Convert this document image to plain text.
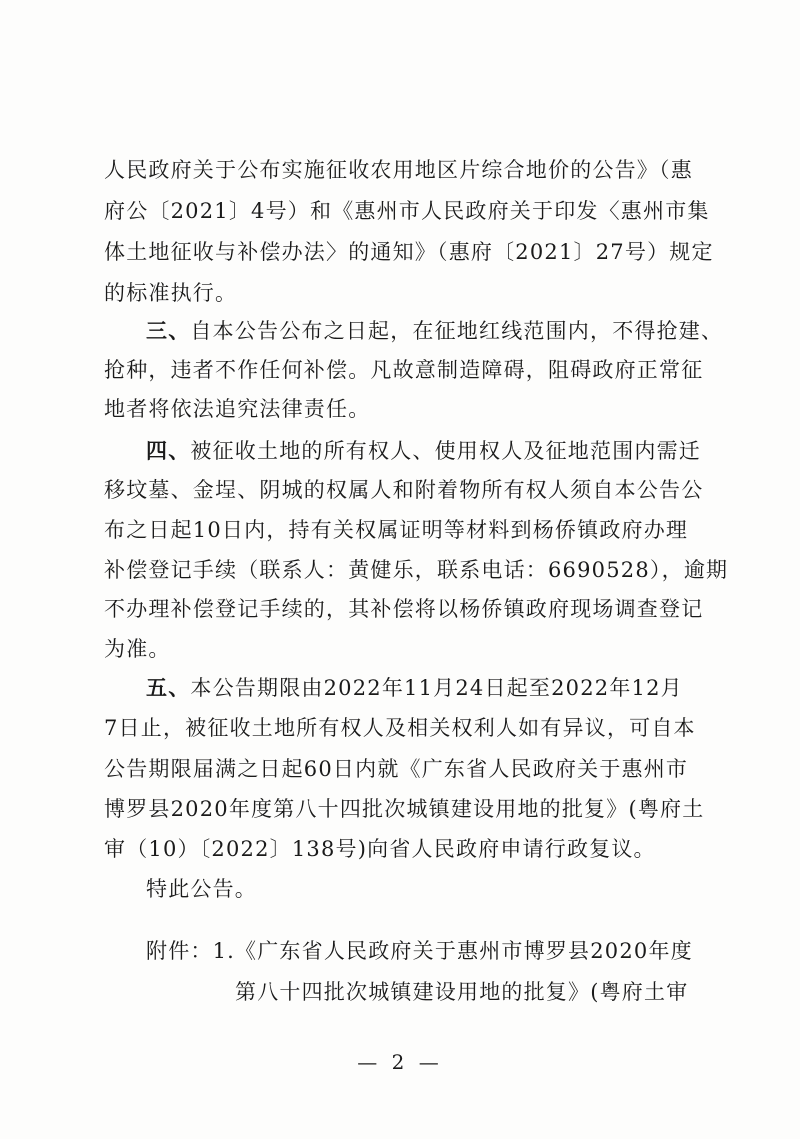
人民政府关于公布实施征收农用地区片综合地价的公告》（惠
府公〔2021〕4号）和《惠州市人民政府关于印发〈惠州市集
体土地征收与补偿办法〉的通知》（惠府〔2021〕27号）规定
的标准执行。
三、自本公告公布之日起，在征地红线范围内，不得抢建、
抢种，违者不作任何补偿。凡故意制造障碍，阻碍政府正常征
地者将依法追究法律责任。
四、被征收土地的所有权人、使用权人及征地范围内需迁
移坟墓、金埕、阴城的权属人和附着物所有权人须自本公告公
布之日起10日内，持有关权属证明等材料到杨侨镇政府办理
补偿登记手续（联系人：黄健乐，联系电话：6690528），逾期
不办理补偿登记手续的，其补偿将以杨侨镇政府现场调查登记
为准。
五、本公告期限由2022年11月24日起至2022年12月
7日止，被征收土地所有权人及相关权利人如有异议，可自本
公告期限届满之日起60日内就《广东省人民政府关于惠州市
博罗县2020年度第八十四批次城镇建设用地的批复》(粤府土
审（10）〔2022〕138号)向省人民政府申请行政复议。
特此公告。
附件：1.《广东省人民政府关于惠州市博罗县2020年度
第八十四批次城镇建设用地的批复》(粤府土审
— 2 —
